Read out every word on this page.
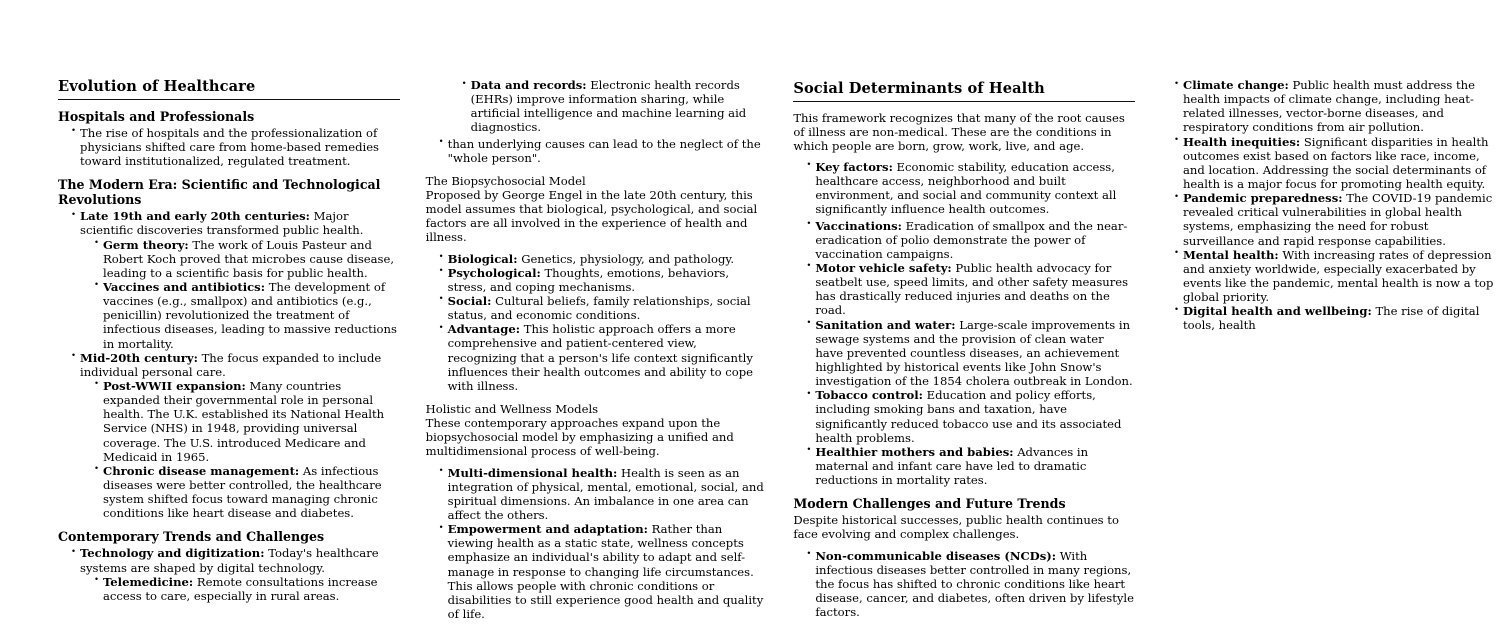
Evolution of Healthcare
Hospitals and Professionals
• The rise of hospitals and the professionalization of physicians shifted care from home-based remedies toward institutionalized, regulated treatment.
The Modern Era: Scientific and Technological Revolutions
• Late 19th and early 20th centuries: Major scientific discoveries transformed public health.
• Germ theory: The work of Louis Pasteur and Robert Koch proved that microbes cause disease, leading to a scientific basis for public health.
• Vaccines and antibiotics: The development of vaccines (e.g., smallpox) and antibiotics (e.g., penicillin) revolutionized the treatment of infectious diseases, leading to massive reductions in mortality.
• Mid-20th century: The focus expanded to include individual personal care.
• Post-WWII expansion: Many countries expanded their governmental role in personal health. The U.K. established its National Health Service (NHS) in 1948, providing universal coverage. The U.S. introduced Medicare and Medicaid in 1965.
• Chronic disease management: As infectious diseases were better controlled, the healthcare system shifted focus toward managing chronic conditions like heart disease and diabetes.
Contemporary Trends and Challenges
• Technology and digitization: Today's healthcare systems are shaped by digital technology.
• Telemedicine: Remote consultations increase access to care, especially in rural areas.
• Data and records: Electronic health records (EHRs) improve information sharing, while artificial intelligence and machine learning aid diagnostics.
• than underlying causes can lead to the neglect of the "whole person".

The Biopsychosocial Model

Proposed by George Engel in the late 20th century, this model assumes that biological, psychological, and social factors are all involved in the experience of health and illness.

• Biological: Genetics, physiology, and pathology.
• Psychological: Thoughts, emotions, behaviors, stress, and coping mechanisms.
• Social: Cultural beliefs, family relationships, social status, and economic conditions.
• Advantage: This holistic approach offers a more comprehensive and patient-centered view, recognizing that a person's life context significantly influences their health outcomes and ability to cope with illness.

Holistic and Wellness Models

These contemporary approaches expand upon the biopsychosocial model by emphasizing a unified and multidimensional process of well-being.

• Multi-dimensional health: Health is seen as an integration of physical, mental, emotional, social, and spiritual dimensions. An imbalance in one area can affect the others.
• Empowerment and adaptation: Rather than viewing health as a static state, wellness concepts emphasize an individual's ability to adapt and self-manage in response to changing life circumstances. This allows people with chronic conditions or disabilities to still experience good health and quality of life.
Social Determinants of Health

This framework recognizes that many of the root causes of illness are non-medical. These are the conditions in which people are born, grow, work, live, and age.

• Key factors: Economic stability, education access, healthcare access, neighborhood and built environment, and social and community context all significantly influence health outcomes.
• Vaccinations: Eradication of smallpox and the near-eradication of polio demonstrate the power of vaccination campaigns.
• Motor vehicle safety: Public health advocacy for seatbelt use, speed limits, and other safety measures has drastically reduced injuries and deaths on the road.
• Sanitation and water: Large-scale improvements in sewage systems and the provision of clean water have prevented countless diseases, an achievement highlighted by historical events like John Snow's investigation of the 1854 cholera outbreak in London.
• Tobacco control: Education and policy efforts, including smoking bans and taxation, have significantly reduced tobacco use and its associated health problems.
• Healthier mothers and babies: Advances in maternal and infant care have led to dramatic reductions in mortality rates.
Modern Challenges and Future Trends

Despite historical successes, public health continues to face evolving and complex challenges.

• Non-communicable diseases (NCDs): With infectious diseases better controlled in many regions, the focus has shifted to chronic conditions like heart disease, cancer, and diabetes, often driven by lifestyle factors.
• Climate change: Public health must address the health impacts of climate change, including heat-related illnesses, vector-borne diseases, and respiratory conditions from air pollution.
• Health inequities: Significant disparities in health outcomes exist based on factors like race, income, and location. Addressing the social determinants of health is a major focus for promoting health equity.
• Pandemic preparedness: The COVID-19 pandemic revealed critical vulnerabilities in global health systems, emphasizing the need for robust surveillance and rapid response capabilities.
• Mental health: With increasing rates of depression and anxiety worldwide, especially exacerbated by events like the pandemic, mental health is now a top global priority.
• Digital health and wellbeing: The rise of digital tools, health
